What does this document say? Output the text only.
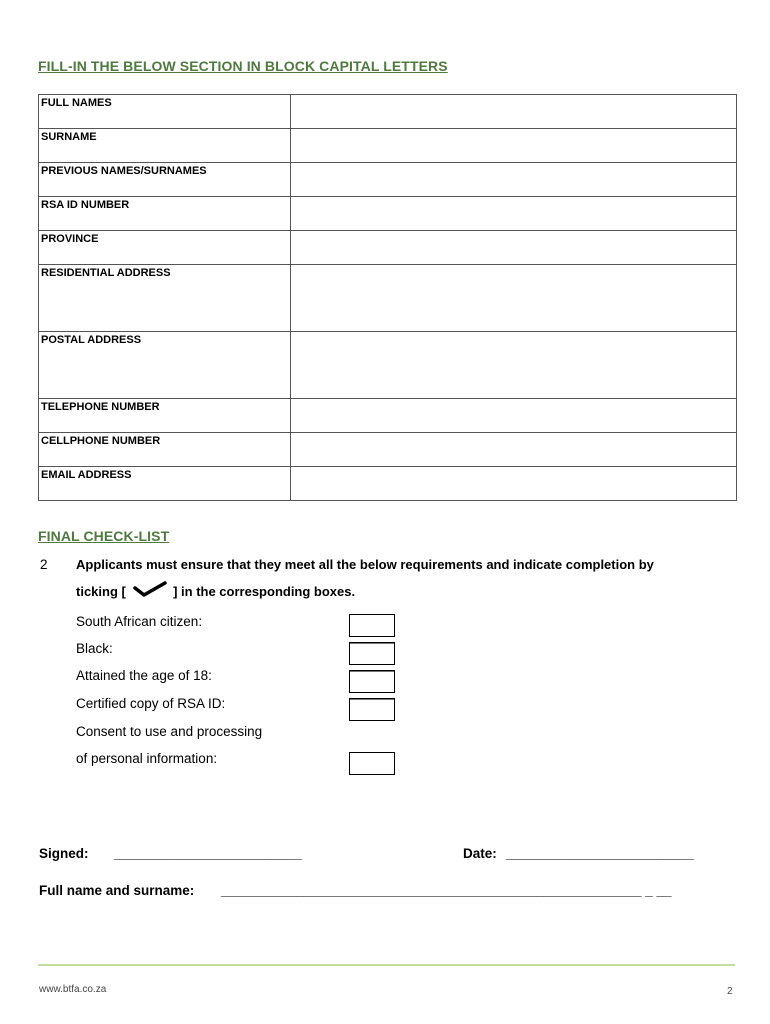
FILL-IN THE BELOW SECTION IN BLOCK CAPITAL LETTERS
FULL NAMES	
SURNAME	
PREVIOUS NAMES/SURNAMES	
RSA ID NUMBER	
PROVINCE	
RESIDENTIAL ADDRESS	
POSTAL ADDRESS	
TELEPHONE NUMBER	
CELLPHONE NUMBER	
EMAIL ADDRESS	
FINAL CHECK-LIST
2 Applicants must ensure that they meet all the below requirements and indicate completion by
ticking [	] in the corresponding boxes.
South African citizen:
Black:
Attained the age of 18:
Certified copy of RSA ID:
Consent to use and processing
of personal information:
Signed: _________________________	Date: _________________________
Full name and surname: ________________________________________________________ _ __
www.btfa.co.za	2
